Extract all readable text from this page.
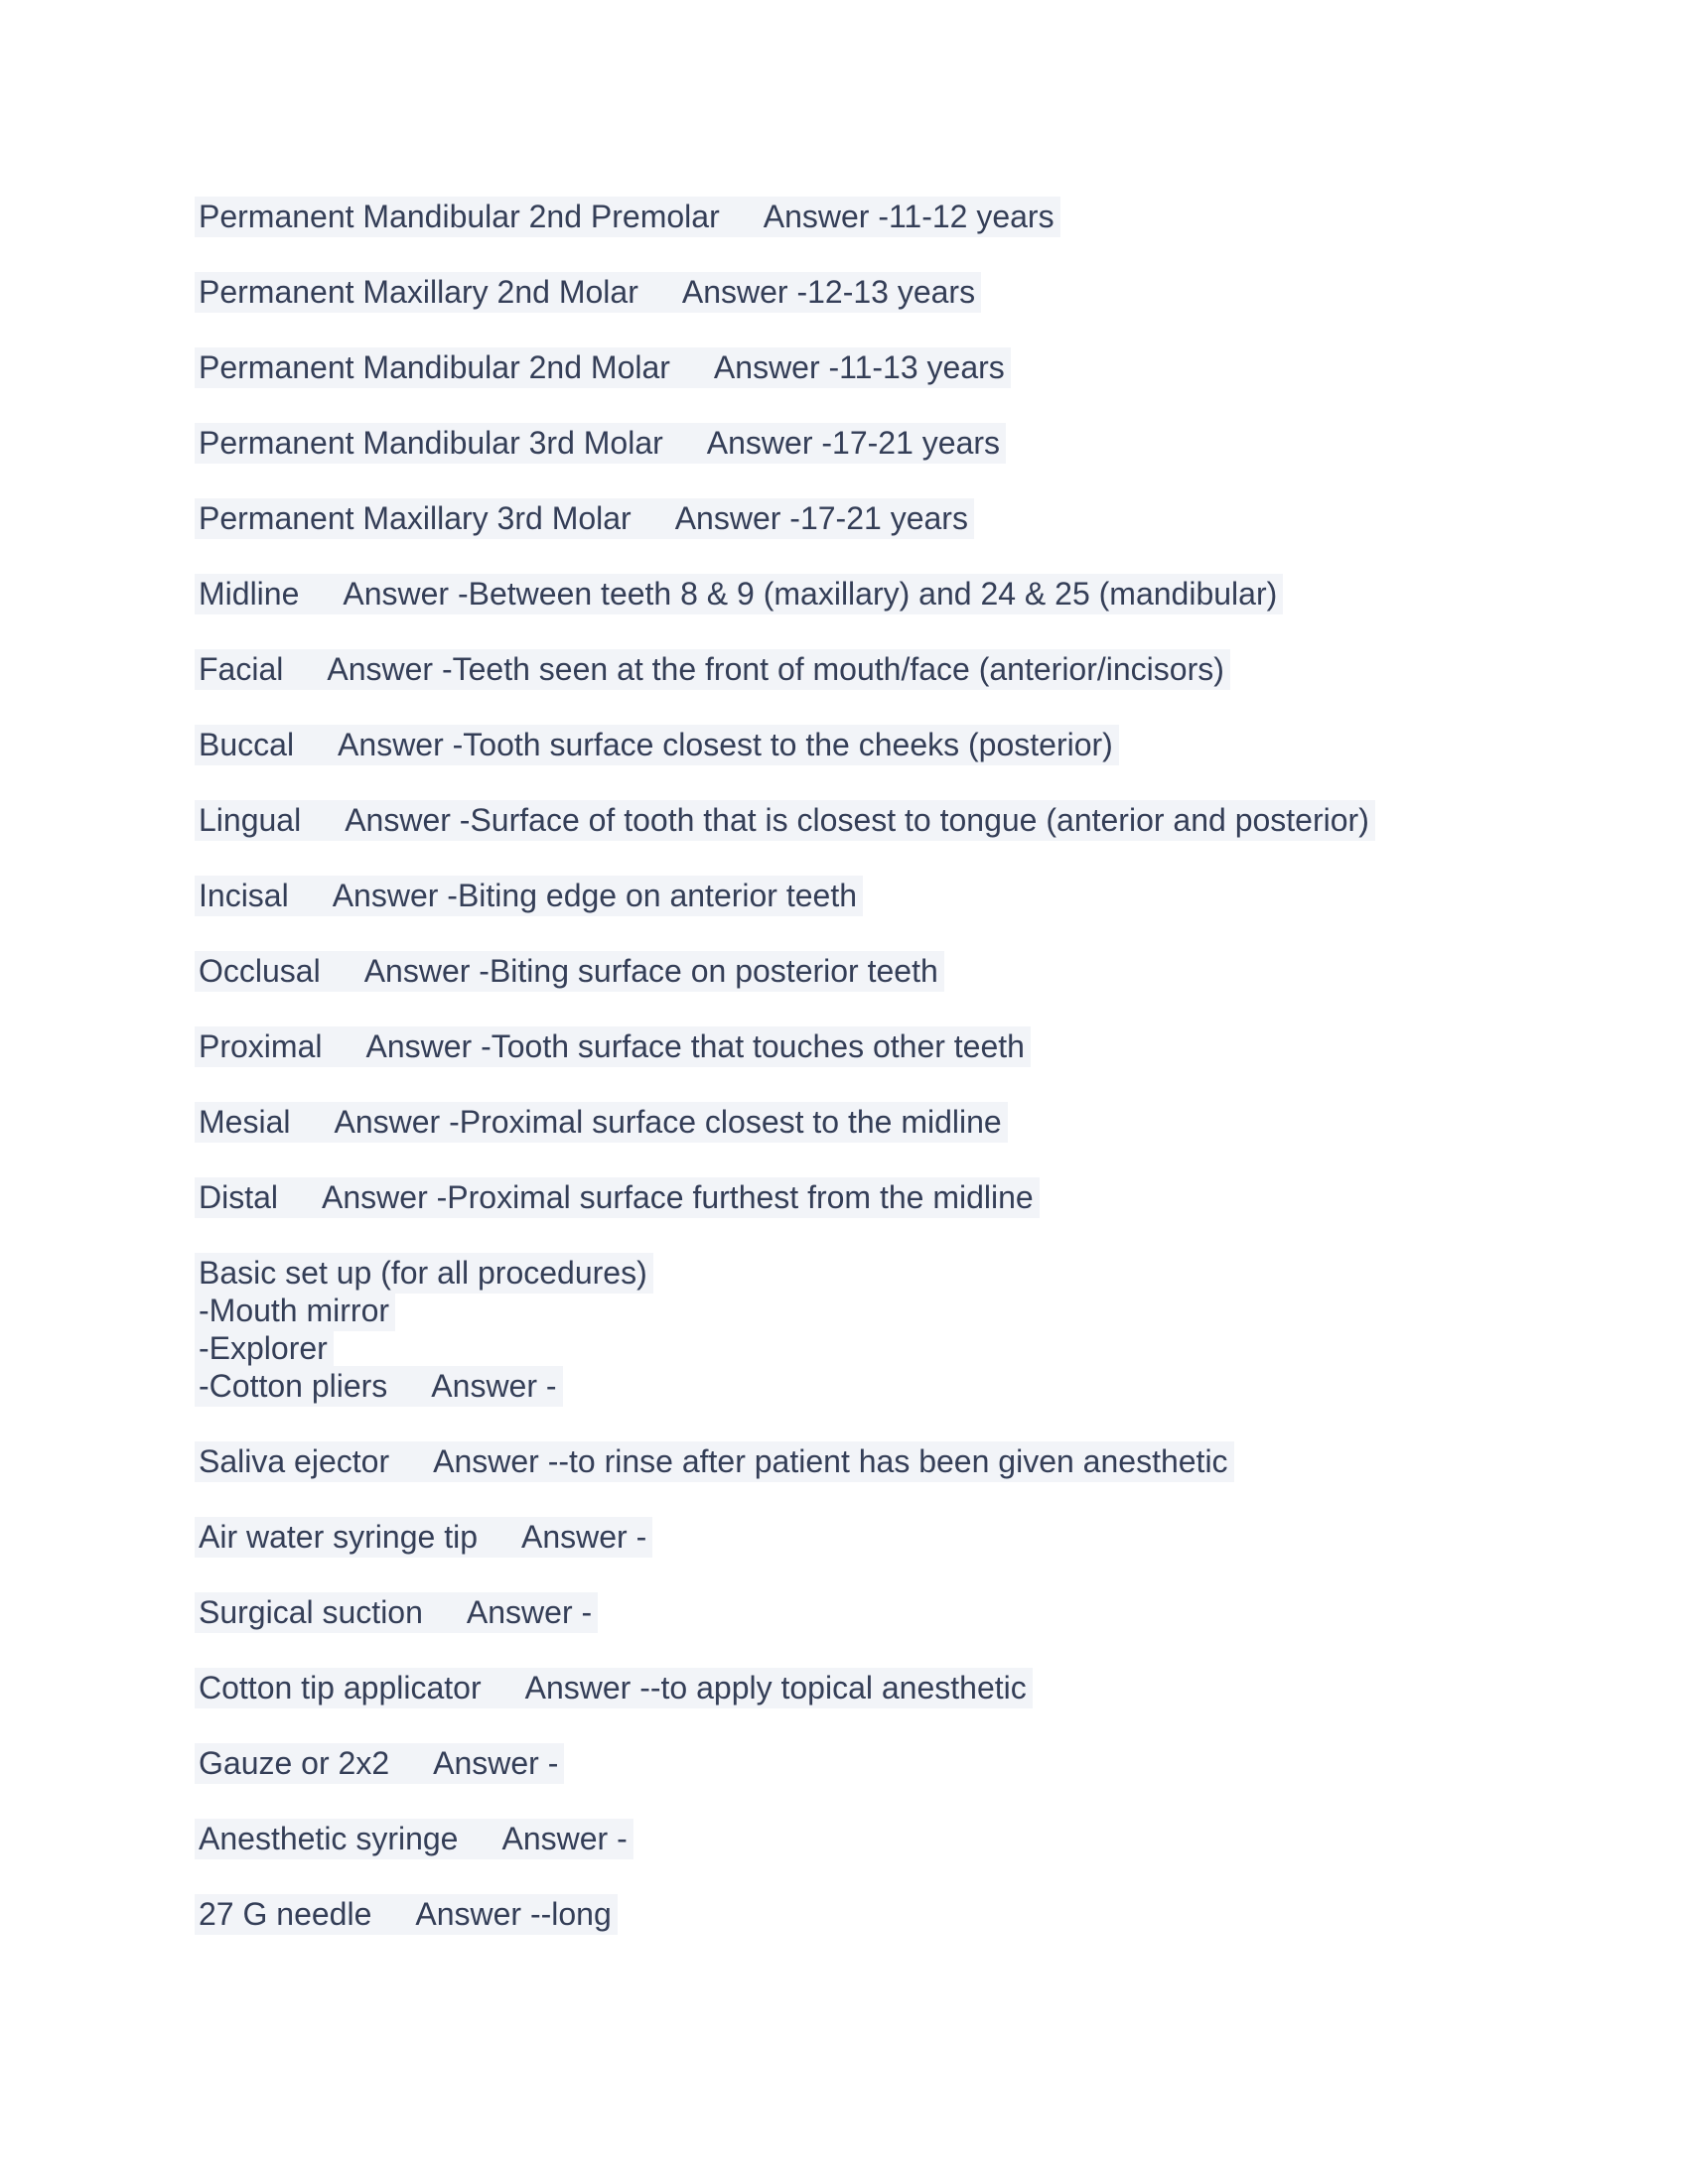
Permanent Mandibular 2nd Premolar Answer -11-12 years

Permanent Maxillary 2nd Molar Answer -12-13 years

Permanent Mandibular 2nd Molar Answer -11-13 years

Permanent Mandibular 3rd Molar Answer -17-21 years

Permanent Maxillary 3rd Molar Answer -17-21 years

Midline Answer -Between teeth 8 & 9 (maxillary) and 24 & 25 (mandibular)

Facial Answer -Teeth seen at the front of mouth/face (anterior/incisors)

Buccal Answer -Tooth surface closest to the cheeks (posterior)

Lingual Answer -Surface of tooth that is closest to tongue (anterior and posterior)

Incisal Answer -Biting edge on anterior teeth

Occlusal Answer -Biting surface on posterior teeth

Proximal Answer -Tooth surface that touches other teeth

Mesial Answer -Proximal surface closest to the midline

Distal Answer -Proximal surface furthest from the midline

Basic set up (for all procedures)
-Mouth mirror
-Explorer
-Cotton pliers Answer -

Saliva ejector Answer --to rinse after patient has been given anesthetic

Air water syringe tip Answer -

Surgical suction Answer -

Cotton tip applicator Answer --to apply topical anesthetic

Gauze or 2x2 Answer -

Anesthetic syringe Answer -

27 G needle Answer --long
